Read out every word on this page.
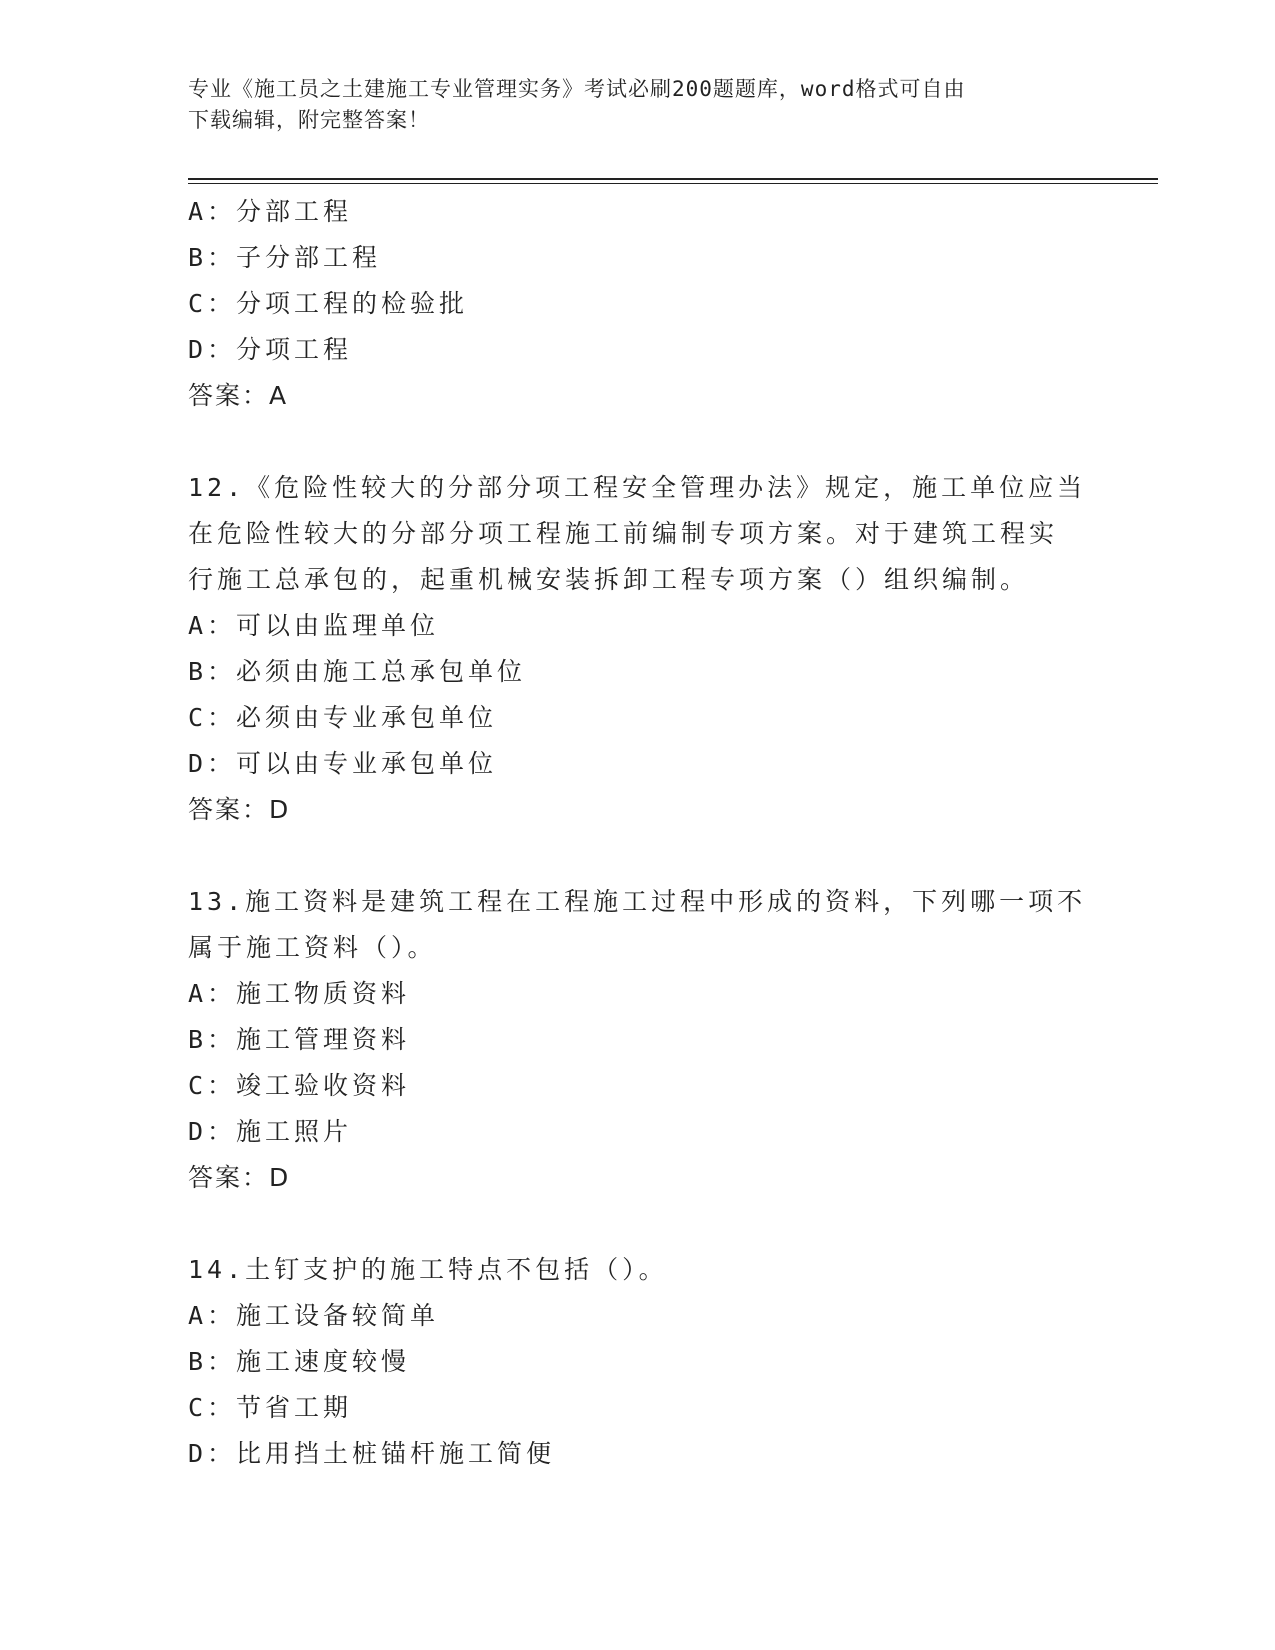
专业《施工员之土建施工专业管理实务》考试必刷200题题库，word格式可自由
下载编辑，附完整答案！
A：分部工程
B：子分部工程
C：分项工程的检验批
D：分项工程
答案：A
12.《危险性较大的分部分项工程安全管理办法》规定，施工单位应当
在危险性较大的分部分项工程施工前编制专项方案。对于建筑工程实
行施工总承包的，起重机械安装拆卸工程专项方案（）组织编制。
A：可以由监理单位
B：必须由施工总承包单位
C：必须由专业承包单位
D：可以由专业承包单位
答案：D
13.施工资料是建筑工程在工程施工过程中形成的资料，下列哪一项不
属于施工资料（）。
A：施工物质资料
B：施工管理资料
C：竣工验收资料
D：施工照片
答案：D
14.土钉支护的施工特点不包括（）。
A：施工设备较简单
B：施工速度较慢
C：节省工期
D：比用挡土桩锚杆施工简便
